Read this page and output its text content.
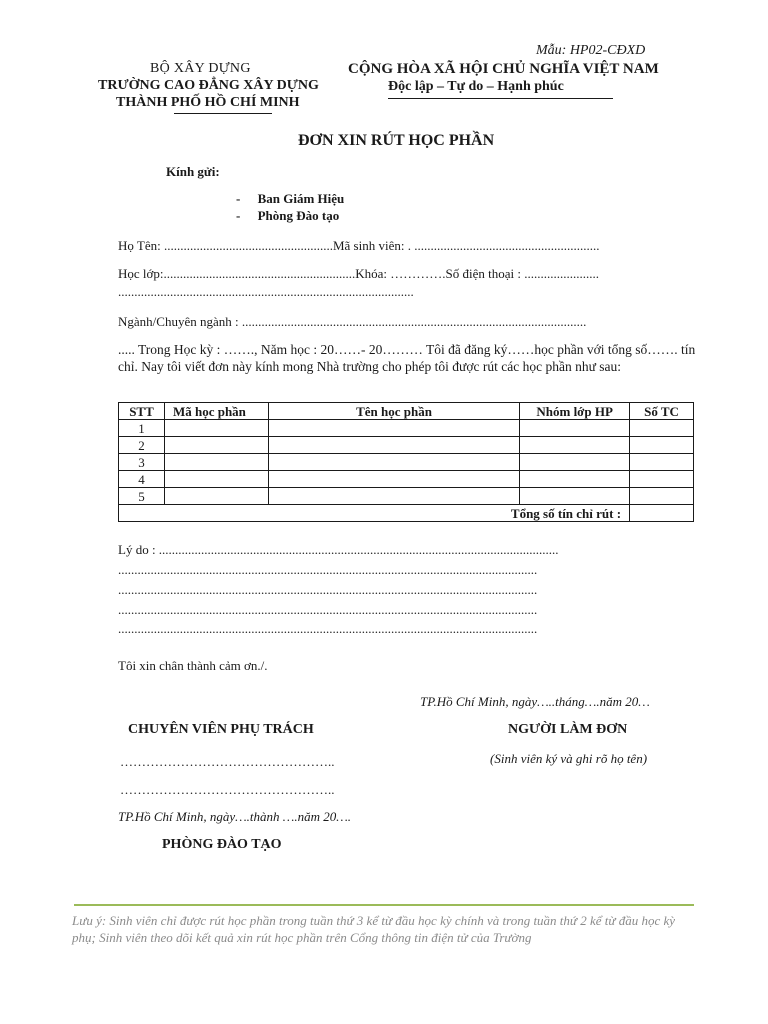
Mẫu: HP02-CĐXD
BỘ XÂY DỰNG
TRƯỜNG CAO ĐẲNG XÂY DỰNG
THÀNH PHỐ HỒ CHÍ MINH
CỘNG HÒA XÃ HỘI CHỦ NGHĨA VIỆT NAM
Độc lập – Tự do – Hạnh phúc
ĐƠN XIN RÚT HỌC PHẦN
Kính gửi:
- Ban Giám Hiệu
- Phòng Đào tạo
Họ Tên: ....................................................Mã sinh viên: . .........................................................
Học lớp:...........................................................Khóa: ………….Số điện thoại : .......................
...........................................................................................
Ngành/Chuyên ngành : ..........................................................................................................
..... Trong Học kỳ : ……., Năm học : 20……- 20……… Tôi đã đăng ký……học phần với tổng số……. tín chỉ. Nay tôi viết đơn này kính mong Nhà trường cho phép tôi được rút các học phần như sau:
STT	Mã học phần	Tên học phần	Nhóm lớp HP	Số TC
1				
2				
3				
4				
5				
Tổng số tín chỉ rút :				
Lý do : ...........................................................................................................................
.................................................................................................................................
.................................................................................................................................
.................................................................................................................................
.................................................................................................................................
Tôi xin chân thành cảm ơn./.
TP.Hồ Chí Minh, ngày…..tháng….năm 20…
CHUYÊN VIÊN PHỤ TRÁCH	NGƯỜI LÀM ĐƠN
(Sinh viên ký và ghi rõ họ tên)
…………………………………………..
…………………………………………..
TP.Hồ Chí Minh, ngày….thành ….năm 20….
PHÒNG ĐÀO TẠO
Lưu ý: Sinh viên chỉ được rút học phần trong tuần thứ 3 kể từ đầu học kỳ chính và trong tuần thứ 2 kể từ đầu học kỳ phụ; Sinh viên theo dõi kết quả xin rút học phần trên Cổng thông tin điện tử của Trường
